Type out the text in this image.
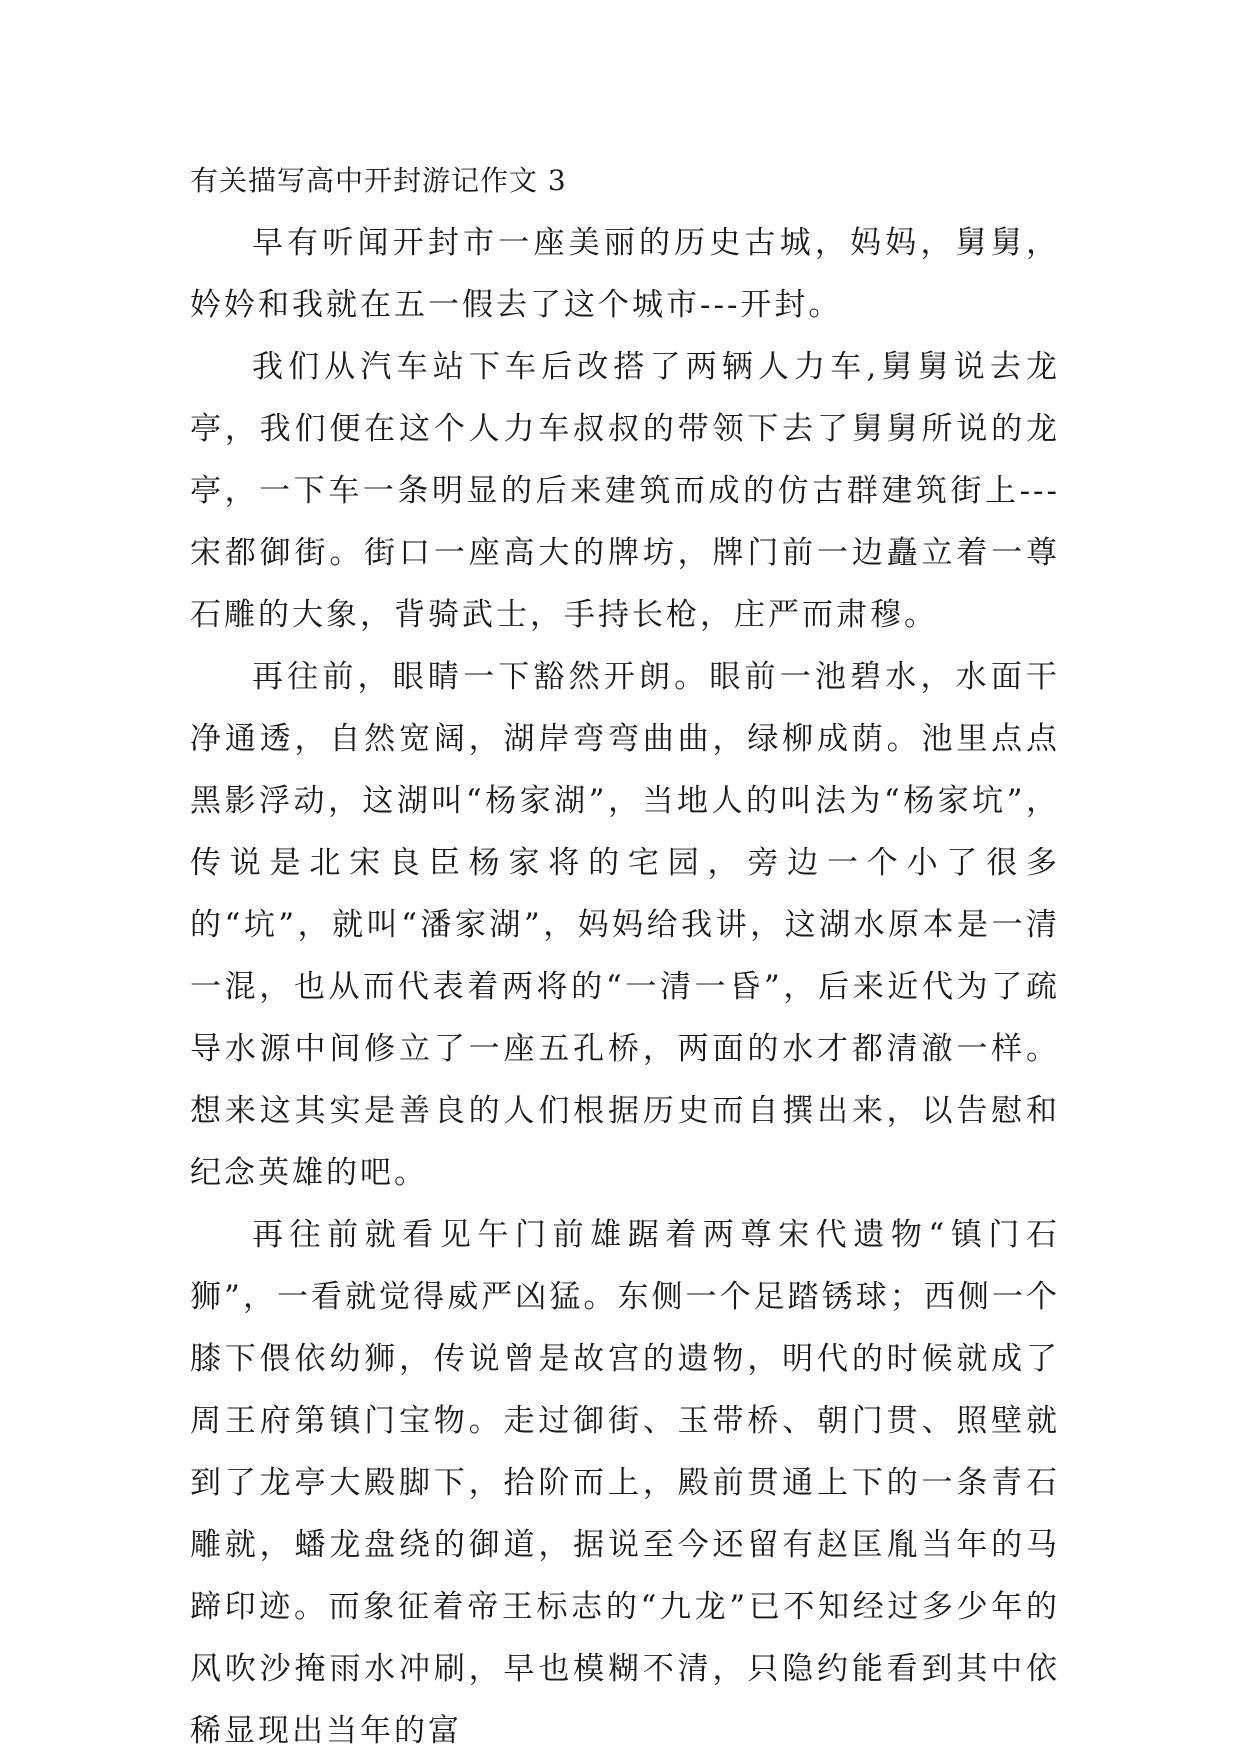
有关描写高中开封游记作文 3

早有听闻开封市一座美丽的历史古城，妈妈，舅舅，妗妗和我就在五一假去了这个城市---开封。

我们从汽车站下车后改搭了两辆人力车,舅舅说去龙亭，我们便在这个人力车叔叔的带领下去了舅舅所说的龙亭，一下车一条明显的后来建筑而成的仿古群建筑街上---宋都御街。街口一座高大的牌坊，牌门前一边矗立着一尊石雕的大象，背骑武士，手持长枪，庄严而肃穆。

再往前，眼睛一下豁然开朗。眼前一池碧水，水面干净通透，自然宽阔，湖岸弯弯曲曲，绿柳成荫。池里点点黑影浮动，这湖叫“杨家湖”，当地人的叫法为“杨家坑”，传说是北宋良臣杨家将的宅园，旁边一个小了很多的“坑”，就叫“潘家湖”，妈妈给我讲，这湖水原本是一清一混，也从而代表着两将的“一清一昏”，后来近代为了疏导水源中间修立了一座五孔桥，两面的水才都清澈一样。想来这其实是善良的人们根据历史而自撰出来，以告慰和纪念英雄的吧。

再往前就看见午门前雄踞着两尊宋代遗物“镇门石狮”，一看就觉得威严凶猛。东侧一个足踏锈球；西侧一个膝下偎依幼狮，传说曾是故宫的遗物，明代的时候就成了周王府第镇门宝物。走过御街、玉带桥、朝门贯、照壁就到了龙亭大殿脚下，拾阶而上，殿前贯通上下的一条青石雕就，蟠龙盘绕的御道，据说至今还留有赵匡胤当年的马蹄印迹。而象征着帝王标志的“九龙”已不知经过多少年的风吹沙掩雨水冲刷，早也模糊不清，只隐约能看到其中依稀显现出当年的富
